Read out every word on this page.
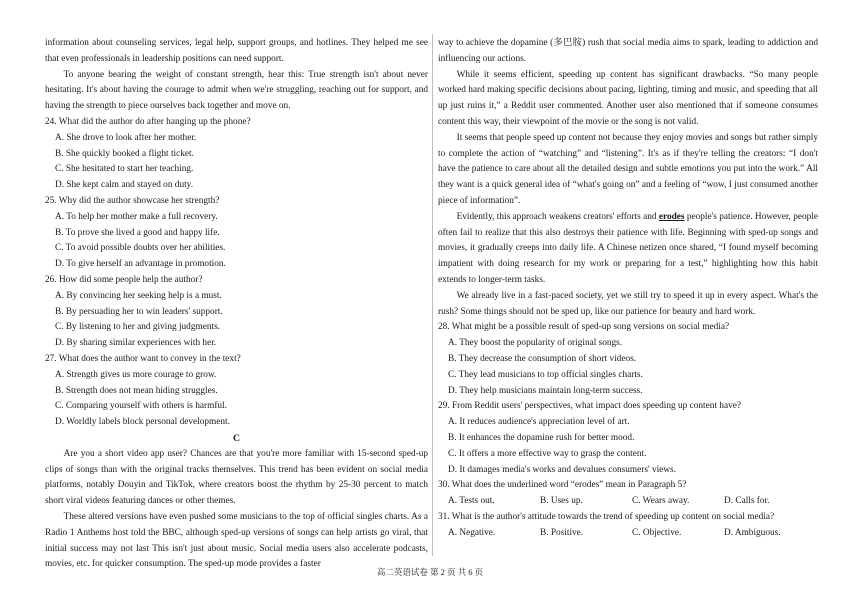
information about counseling services, legal help, support groups, and hotlines. They helped me see that even professionals in leadership positions can need support.

To anyone bearing the weight of constant strength, hear this: True strength isn't about never hesitating. It's about having the courage to admit when we're struggling, reaching out for support, and having the strength to piece ourselves back together and move on.

24. What did the author do after hanging up the phone?

A. She drove to look after her mother.

B. She quickly booked a flight ticket.

C. She hesitated to start her teaching.

D. She kept calm and stayed on duty.

25. Why did the author showcase her strength?

A. To help her mother make a full recovery.

B. To prove she lived a good and happy life.

C. To avoid possible doubts over her abilities.

D. To give herself an advantage in promotion.

26. How did some people help the author?

A. By convincing her seeking help is a must.

B. By persuading her to win leaders' support.

C. By listening to her and giving judgments.

D. By sharing similar experiences with her.

27. What does the author want to convey in the text?

A. Strength gives us more courage to grow.

B. Strength does not mean hiding struggles.

C. Comparing yourself with others is harmful.

D. Worldly labels block personal development.

C

Are you a short video app user? Chances are that you're more familiar with 15-second sped-up clips of songs than with the original tracks themselves. This trend has been evident on social media platforms, notably Douyin and TikTok, where creators boost the rhythm by 25-30 percent to match short viral videos featuring dances or other themes.

These altered versions have even pushed some musicians to the top of official singles charts. As a Radio 1 Anthems host told the BBC, although sped-up versions of songs can help artists go viral, that initial success may not last This isn't just about music. Social media users also accelerate podcasts, movies, etc. for quicker consumption. The sped-up mode provides a faster

way to achieve the dopamine (多巴胺) rush that social media aims to spark, leading to addiction and influencing our actions.

While it seems efficient, speeding up content has significant drawbacks. “So many people worked hard making specific decisions about pacing, lighting, timing and music, and speeding that all up just ruins it,” a Reddit user commented. Another user also mentioned that if someone consumes content this way, their viewpoint of the movie or the song is not valid.

It seems that people speed up content not because they enjoy movies and songs but rather simply to complete the action of “watching” and “listening”. It's as if they're telling the creators: “I don't have the patience to care about all the detailed design and subtle emotions you put into the work.” All they want is a quick general idea of “what's going on” and a feeling of “wow, I just consumed another piece of information”.

Evidently, this approach weakens creators' efforts and erodes people's patience. However, people often fail to realize that this also destroys their patience with life. Beginning with sped-up songs and movies, it gradually creeps into daily life. A Chinese netizen once shared, “I found myself becoming impatient with doing research for my work or preparing for a test,” highlighting how this habit extends to longer-term tasks.

We already live in a fast-paced society, yet we still try to speed it up in every aspect. What's the rush? Some things should not be sped up, like our patience for beauty and hard work.

28. What might be a possible result of sped-up song versions on social media?

A. They boost the popularity of original songs.

B. They decrease the consumption of short videos.

C. They lead musicians to top official singles charts.

D. They help musicians maintain long-term success.

29. From Reddit users' perspectives, what impact does speeding up content have?

A. It reduces audience's appreciation level of art.

B. It enhances the dopamine rush for better mood.

C. It offers a more effective way to grasp the content.

D. It damages media's works and devalues consumers' views.

30. What does the underlined word “erodes” mean in Paragraph 5?

A. Tests out.	B. Uses up.	C. Wears away.	D. Calls for.

31. What is the author's attitude towards the trend of speeding up content on social media?

A. Negative.	B. Positive.	C. Objective.	D. Ambiguous.
高二英语试卷 第 2 页 共 6 页
